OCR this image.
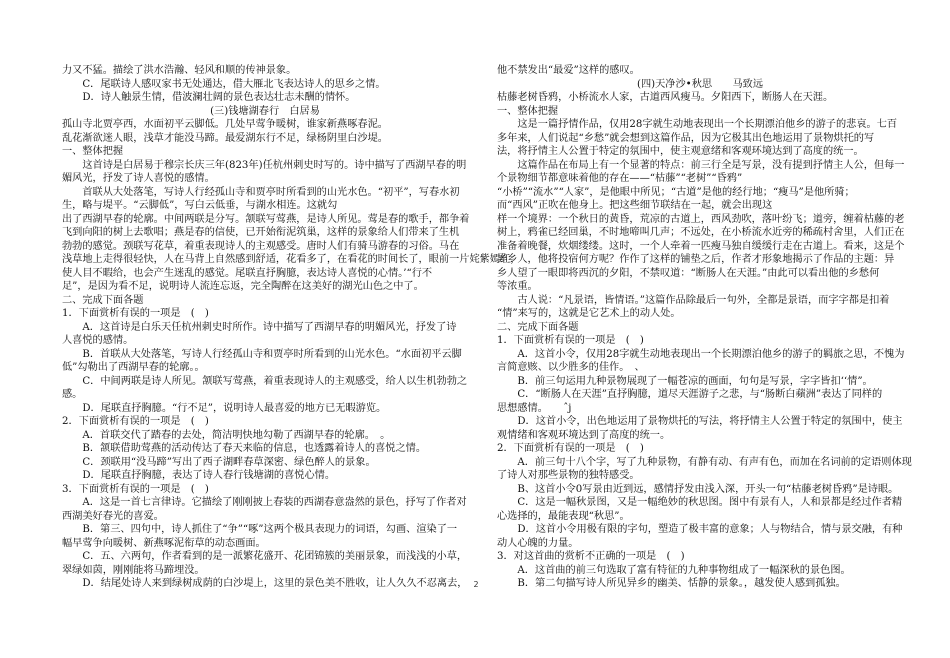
力又不猛。描绘了洪水浩瀚、轻风和顺的传神景象。
　　C．尾联诗人感叹家书无处通达，借大雁北飞表达诗人的思乡之情。
　　D．诗人触景生情，借波澜壮阔的景色表达壮志未酬的情怀。
(三)钱塘湖春行　白居易
孤山寺北贾亭西，水面初平云脚低。几处早莺争暖树，谁家新燕啄春泥。
乱花渐欲迷人眼，浅草才能没马蹄。最爱湖东行不足，绿杨阴里白沙堤。
一、整体把握
　　这首诗是白居易于穆宗长庆三年(823年)任杭州刺史时写的。诗中描写了西湖早春的明
媚风光，抒发了诗人喜悦的感情。
　　首联从大处落笔，写诗人行经孤山寺和贾亭时所看到的山光水色。“初平”，写春水初
生，略与堤平。“云脚低”，写白云低垂，与湖水相连。这就勾
出了西湖早春的轮廓。中间两联是分写。颔联写莺燕，是诗人所见。莺是春的歌手，都争着
飞到向阳的树上去歌唱；燕是春的信使，已开始衔泥筑巢，这样的景象给人们带来了生机
勃勃的感觉。颈联写花草，着重表现诗人的主观感受。唐时人们有骑马游春的习俗。马在
浅草地上走得很轻快，人在马背上自然感到舒适，花看多了，在看花的时间长了，眼前一片姹紫嫣红，
使人目不暇给，也会产生迷乱的感觉。尾联直抒胸臆，表达诗人喜悦的心情。’“行不
足”，是因为看不足，说明诗人流连忘返，完全陶醉在这美好的湖光山色之中了。
二、完成下面各题
1．下面赏析有误的一项是　(　)
　　A．这首诗是白乐天任杭州刺史时所作。诗中描写了西湖早春的明媚风光，抒发了诗
人喜悦的感情。
　　B．首联从大处落笔，写诗人行经孤山寺和贾亭时所看到的山光水色。“水面初平云脚
低”勾勒出了西湖早春的轮廓。。
　　C．中间两联是诗人所见。颔联写莺燕，着重表现诗人的主观感受，给人以生机勃勃之
感。
　　D．尾联直抒胸臆。“行不足”，说明诗人最喜爱的地方已无暇游览。
2．下面赏析有误的一项是　(　)
　　A．首联交代了踏春的去处，简洁明快地勾勒了西湖早春的轮廓。　。
　　B．颔联借助莺燕的活动传达了春天来临的信息，也透露着诗人的喜悦之情。
　　C．颈联用“没马蹄”写出了西子湖畔春草深密、绿色醉人的景象。
　　D．尾联直抒胸臆，表达了诗人春行钱塘湖的喜悦心情。
3．下面赏析有误的一项是　(　)
　　A．这是一首七言律诗。它描绘了刚刚披上春装的西湖春意盎然的景色，抒写了作者对
西湖美好春光的喜爱。
　　B．第三、四句中，诗人抓住了“争”“啄”这两个极具表现力的词语，勾画、渲染了一
幅早莺争向暖树、新燕啄泥衔草的动态画面。
　　C．五、六两句，作者看到的是一派繁花盛开、花团锦簇的美丽景象，而浅浅的小草，
翠绿如茵，刚刚能将马蹄埋没。
　　D．结尾处诗人来到绿树成荫的白沙堤上，这里的景色美不胜收，让人久久不忍离去，
他不禁发出“最爱”这样的感叹。
(四)天净沙•秋思　　马致远
枯藤老树昏鸦，小桥流水人家，古道西风瘦马。夕阳西下，断肠人在天涯。
一、整体把握
　　这是一篇抒情作品，仅用28字就生动地表现出一个长期漂泊他乡的游子的悲哀。七百
多年来，人们说起“乡愁”就会想到这篇作品，因为它极其出色地运用了景物烘托的写
法，将抒情主人公置于特定的氛围中，使主观意绪和客观环境达到了高度的统一。
　　这篇作品在布局上有一个显著的特点：前三行全是写景，没有提到抒情主人公，但每一
个景物细节都意味着他的存在——“枯藤”“老树”“昏鸦”
“小桥”“流水”“人家”，是他眼中所见；“古道”是他的经行地；“瘦马”是他所骑；
而“西风”正吹在他身上。把这些细节联结在一起，就会出现这
样一个境界：一个秋日的黄昏，荒凉的古道上，西风劲吹，落叶纷飞；道旁，缠着枯藤的老
树上，鸦雀已经回巢，不时地啼叫几声；不远处，在小桥流水近旁的稀疏村舍里，人们正在
准备着晚餐，炊烟缕缕。这时，一个人牵着一匹瘦马独自缓缓行走在古道上。看来，这是个
异乡人，他将投宿何方呢？作作了这样的铺垫之后，作者才形象地揭示了作品的主题：异
乡人望了一眼即将西沉的夕阳，不禁叹道：“断肠人在天涯。”由此可以看出他的乡愁何
等浓重。
　　古人说：“凡景语，皆情语。”这篇作品除最后一句外，全都是景语，而字字都是扣着
“情”来写的，这就是它艺术上的动人处。
二、完成下面各题
1．下面赏析有误的一项是　(　)
　　A．这首小令，仅用28字就生动地表现出一个长期漂泊他乡的游子的羁旅之思，不愧为
言简意赅、以少胜多的佳作。　、
　　B．前三句运用九种景物展现了一幅苍凉的画面，句句是写景，字字皆扣‘‘情”。
　　C．“断肠人在天涯”直抒胸臆，道尽天涯游子之悲，与“肠断白蘋洲”表达了同样的
思想感情。　　ˆj
　　D．这首小令，出色地运用了景物烘托的写法，将抒情主人公置于特定的氛围中，使主
观情绪和客观环境达到了高度的统一。
2．下面赏析有误的一项是　(　)
　　A．前三句十八个字，写了九种景物，有静有动、有声有色，而加在名词前的定语则体现
了诗人对那些景物的独特感受。
　　B、这首小令0写景由近到远，感情抒发由浅入深，开头一句“枯藤老树昏鸦”是诗眼。
　　C．这是一幅秋景图，又是一幅绝妙的秋思图。图中有景有人，人和景都是经过作者精
心选择的，最能表现“秋思”。
　　D．这首小令用极有限的字句，塑造了极丰富的意象；人与物结合，情与景交融，有种
动人心魄的力量。
3．对这首曲的赏析不正确的一项是　(　)
　　A．这首曲的前三句选取了富有特征的九种事物组成了一幅深秋的景色图。
　　B．第二句描写诗人所见异乡的幽美、恬静的景象。，越发使人感到孤独。
2
